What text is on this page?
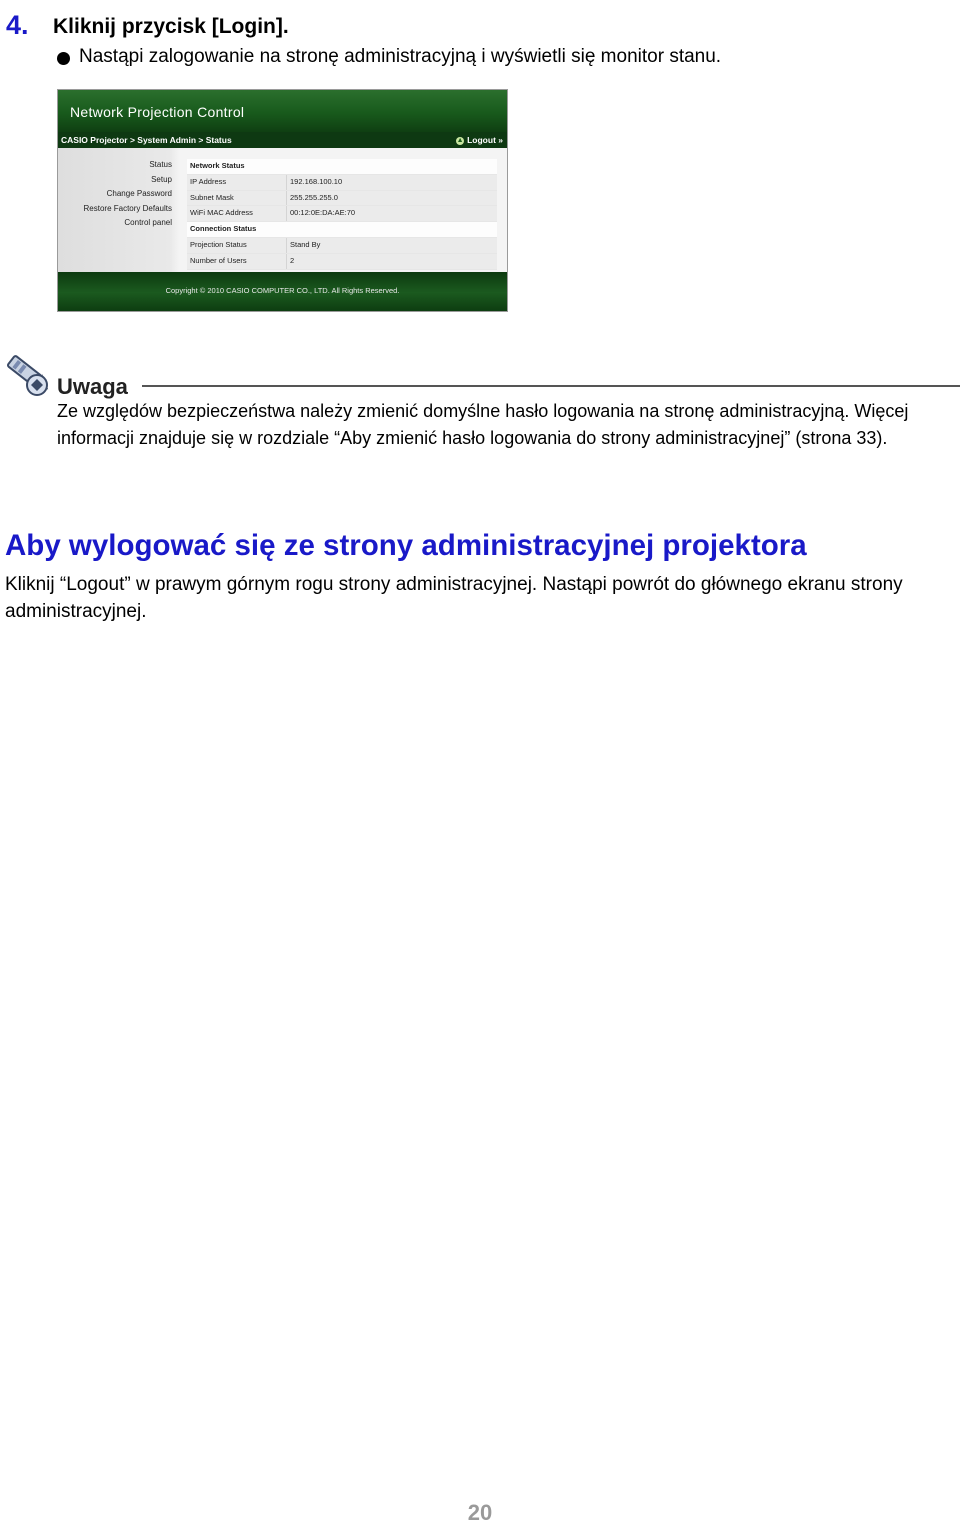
4. Kliknij przycisk [Login].
Nastąpi zalogowanie na stronę administracyjną i wyświetli się monitor stanu.
Network Projection Control
CASIO Projector > System Admin > Status	▲ Logout »
Status
Setup
Change Password
Restore Factory Defaults
Control panel
Network Status
IP Address	192.168.100.10
Subnet Mask	255.255.255.0
WiFi MAC Address	00:12:0E:DA:AE:70
Connection Status
Projection Status	Stand By
Number of Users	2
Copyright © 2010 CASIO COMPUTER CO., LTD. All Rights Reserved.
Uwaga
Ze względów bezpieczeństwa należy zmienić domyślne hasło logowania na stronę administracyjną. Więcej informacji znajduje się w rozdziale “Aby zmienić hasło logowania do strony administracyjnej” (strona 33).
Aby wylogować się ze strony administracyjnej projektora
Kliknij “Logout” w prawym górnym rogu strony administracyjnej. Nastąpi powrót do głównego ekranu strony administracyjnej.
20
